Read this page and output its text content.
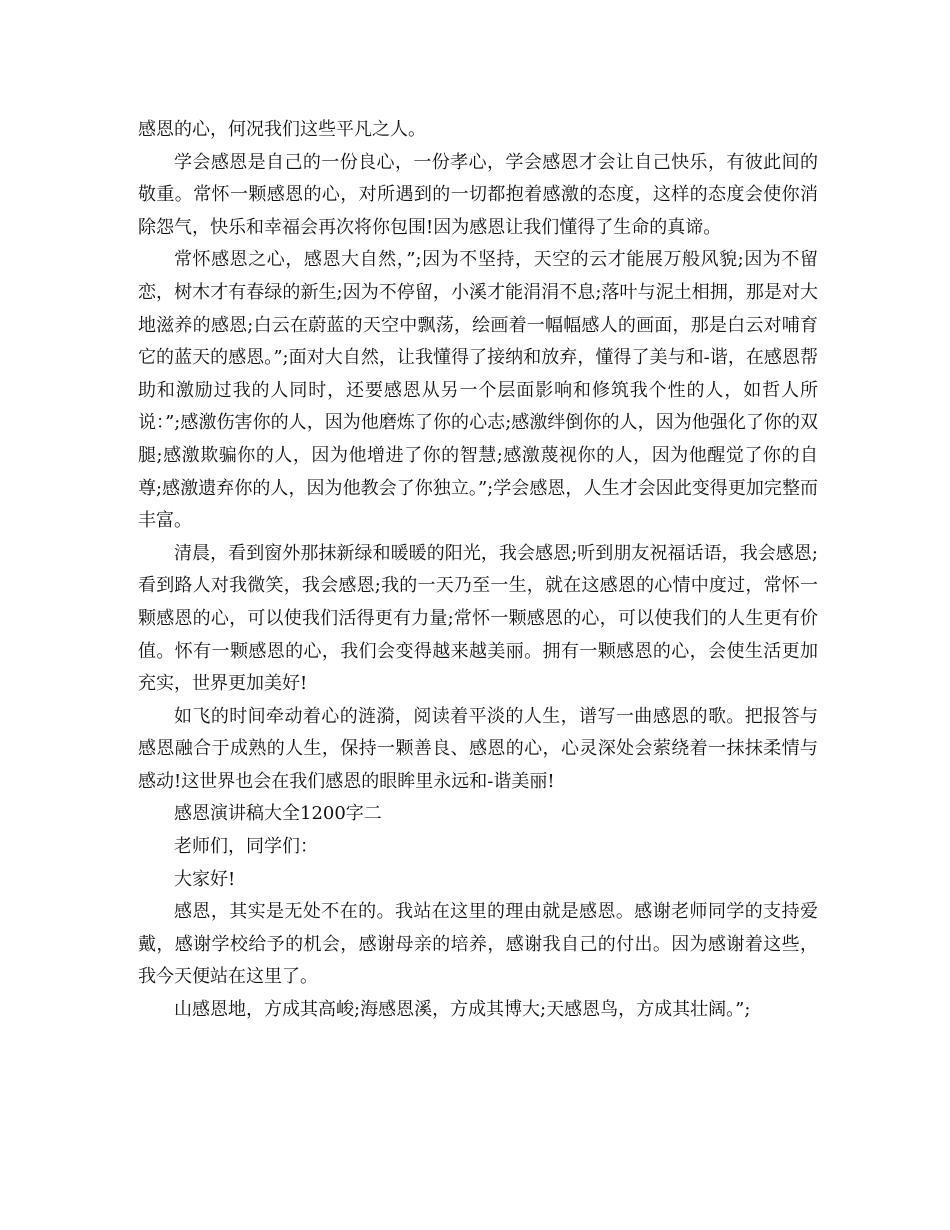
感恩的心，何况我们这些平凡之人。

学会感恩是自己的一份良心，一份孝心，学会感恩才会让自己快乐，有彼此间的敬重。常怀一颗感恩的心，对所遇到的一切都抱着感激的态度，这样的态度会使你消除怨气，快乐和幸福会再次将你包围!因为感恩让我们懂得了生命的真谛。

常怀感恩之心，感恩大自然，”;因为不坚持，天空的云才能展万般风貌;因为不留恋，树木才有春绿的新生;因为不停留，小溪才能涓涓不息;落叶与泥土相拥，那是对大地滋养的感恩;白云在蔚蓝的天空中飘荡，绘画着一幅幅感人的画面，那是白云对哺育它的蓝天的感恩。”;面对大自然，让我懂得了接纳和放弃，懂得了美与和-谐，在感恩帮助和激励过我的人同时，还要感恩从另一个层面影响和修筑我个性的人，如哲人所说：”;感激伤害你的人，因为他磨炼了你的心志;感激绊倒你的人，因为他强化了你的双腿;感激欺骗你的人，因为他增进了你的智慧;感激蔑视你的人，因为他醒觉了你的自尊;感激遗弃你的人，因为他教会了你独立。”;学会感恩，人生才会因此变得更加完整而丰富。

清晨，看到窗外那抹新绿和暖暖的阳光，我会感恩;听到朋友祝福话语，我会感恩;看到路人对我微笑，我会感恩;我的一天乃至一生，就在这感恩的心情中度过，常怀一颗感恩的心，可以使我们活得更有力量;常怀一颗感恩的心，可以使我们的人生更有价值。怀有一颗感恩的心，我们会变得越来越美丽。拥有一颗感恩的心，会使生活更加充实，世界更加美好!

如飞的时间牵动着心的涟漪，阅读着平淡的人生，谱写一曲感恩的歌。把报答与感恩融合于成熟的人生，保持一颗善良、感恩的心，心灵深处会萦绕着一抹抹柔情与感动!这世界也会在我们感恩的眼眸里永远和-谐美丽!

感恩演讲稿大全1200字二

老师们，同学们：

大家好!

感恩，其实是无处不在的。我站在这里的理由就是感恩。感谢老师同学的支持爱戴，感谢学校给予的机会，感谢母亲的培养，感谢我自己的付出。因为感谢着这些，我今天便站在这里了。

山感恩地，方成其高峻;海感恩溪，方成其博大;天感恩鸟，方成其壮阔。”;
